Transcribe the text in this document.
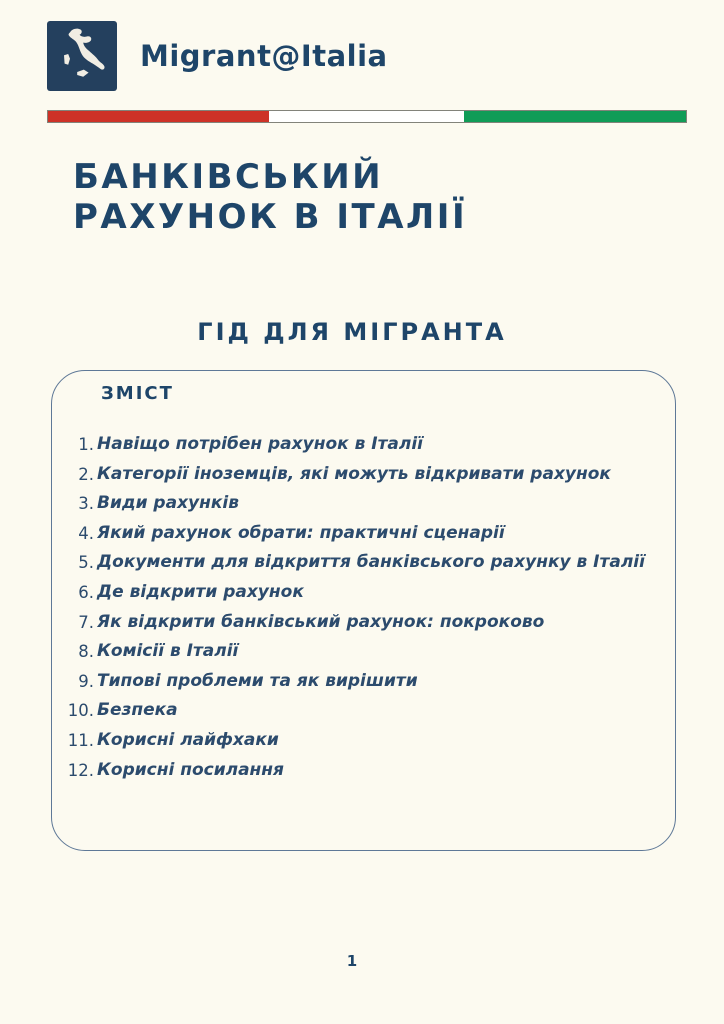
Migrant@Italia
БАНКІВСЬКИЙ
РАХУНОК В ІТАЛІЇ
ГІД ДЛЯ МІГРАНТА
ЗМІСТ
1. Навіщо потрібен рахунок в Італії
2. Категорії іноземців, які можуть відкривати рахунок
3. Види рахунків
4. Який рахунок обрати: практичні сценарії
5. Документи для відкриття банківського рахунку в Італії
6. Де відкрити рахунок
7. Як відкрити банківський рахунок: покроково
8. Комісії в Італії
9. Типові проблеми та як вирішити
10. Безпека
11. Корисні лайфхаки
12. Корисні посилання
1
